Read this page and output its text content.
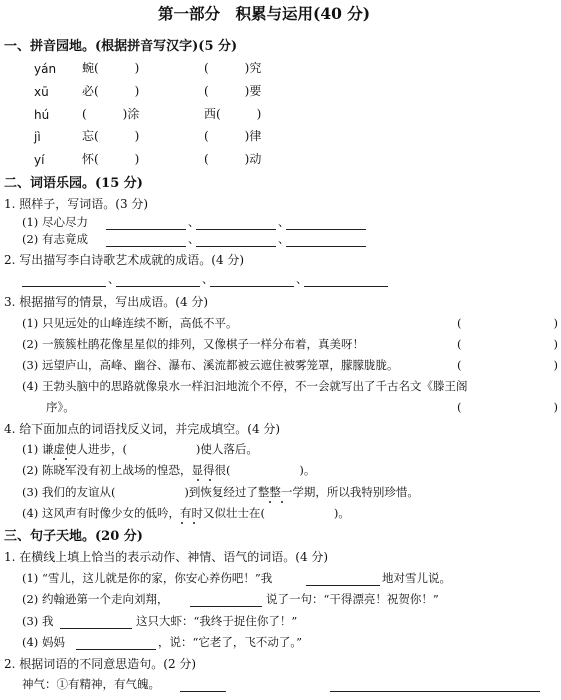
第一部分　积累与运用(40 分)
一、拼音园地。(根据拼音写汉字)(5 分)
yán 蜿(　　　)	(　　　)究
xū	必(　　　)	(　　　)要
hú	(　　　)涂	西(　　　)
jì	忘(　　　)	(　　　)律
yí	怀(　　　)	(　　　)动
二、词语乐园。(15 分)
1. 照样子，写词语。(3 分)
(1) 尽心尽力	、	、
(2) 有志竟成	、	、
2. 写出描写李白诗歌艺术成就的成语。(4 分)
、	、	、
3. 根据描写的情景，写出成语。(4 分)
(1) 只见远处的山峰连续不断，高低不平。	(　　　　　　　　)
(2) 一簇簇杜鹃花像星星似的排列，又像棋子一样分布着，真美呀！	(　　　　　　　　)
(3) 远望庐山，高峰、幽谷、瀑布、溪流都被云遮住被雾笼罩，朦朦胧胧。	(　　　　　　　　)
(4) 王勃头脑中的思路就像泉水一样汩汩地流个不停，不一会就写出了千古名文《滕王阁
序》。	(　　　　　　　　)
4. 给下面加点的词语找反义词，并完成填空。(4 分)
(1) 谦虚使人进步，(　　　　　　)使人落后。
(2) 陈晓军没有初上战场的惶恐，显得很(　　　　　　)。
(3) 我们的友谊从(　　　　　　)到恢复经过了整整一学期，所以我特别珍惜。
(4) 这风声有时像少女的低吟，有时又似壮士在(　　　　　　)。
三、句子天地。(20 分)
1. 在横线上填上恰当的表示动作、神情、语气的词语。(4 分)
(1) “雪儿，这儿就是你的家，你安心养伤吧！”我	地对雪儿说。
(2) 约翰逊第一个走向刘翔，	说了一句：“干得漂亮！祝贺你！”
(3) 我	这只大虾：“我终于捉住你了！”
(4) 妈妈	，说：“它老了，飞不动了。”
2. 根据词语的不同意思造句。(2 分)
神气：①有精神，有气魄。
